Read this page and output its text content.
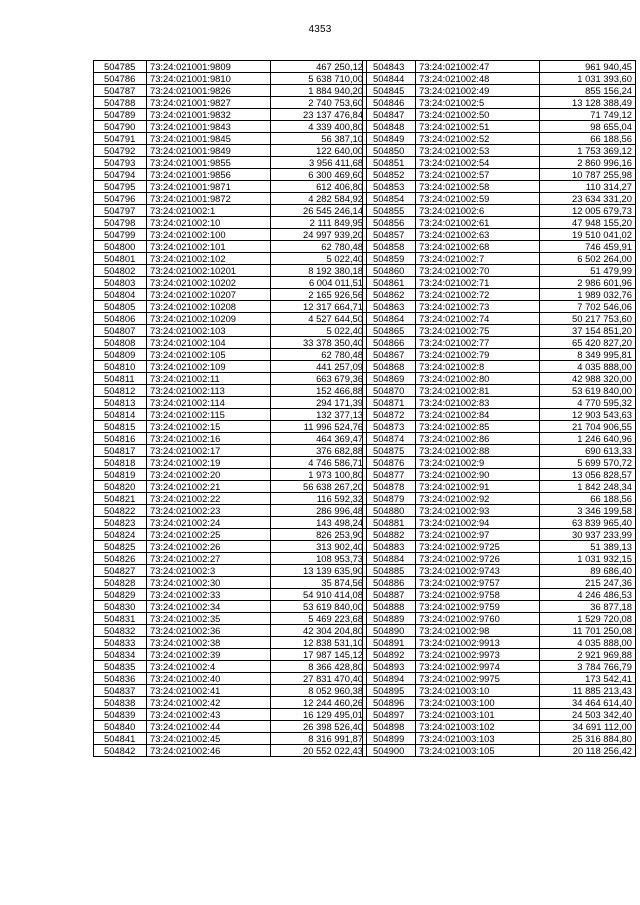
4353
504785	73:24:021001:9809	467 250,12
504786	73:24:021001:9810	5 638 710,00
504787	73:24:021001:9826	1 884 940,20
504788	73:24:021001:9827	2 740 753,60
504789	73:24:021001:9832	23 137 476,84
504790	73:24:021001:9843	4 339 400,80
504791	73:24:021001:9845	56 387,10
504792	73:24:021001:9849	122 640,00
504793	73:24:021001:9855	3 956 411,68
504794	73:24:021001:9856	6 300 469,60
504795	73:24:021001:9871	612 406,80
504796	73:24:021001:9872	4 282 584,92
504797	73:24:021002:1	26 545 246,14
504798	73:24:021002:10	2 111 849,95
504799	73:24:021002:100	24 997 939,20
504800	73:24:021002:101	62 780,48
504801	73:24:021002:102	5 022,40
504802	73:24:021002:10201	8 192 380,18
504803	73:24:021002:10202	6 004 011,51
504804	73:24:021002:10207	2 165 926,56
504805	73:24:021002:10208	12 317 664,71
504806	73:24:021002:10209	4 527 644,50
504807	73:24:021002:103	5 022,40
504808	73:24:021002:104	33 378 350,40
504809	73:24:021002:105	62 780,48
504810	73:24:021002:109	441 257,09
504811	73:24:021002:11	663 679,36
504812	73:24:021002:113	152 466,88
504813	73:24:021002:114	294 171,39
504814	73:24:021002:115	132 377,13
504815	73:24:021002:15	11 996 524,76
504816	73:24:021002:16	464 369,47
504817	73:24:021002:17	376 682,88
504818	73:24:021002:19	4 746 586,71
504819	73:24:021002:20	1 973 100,80
504820	73:24:021002:21	56 638 267,20
504821	73:24:021002:22	116 592,32
504822	73:24:021002:23	286 996,48
504823	73:24:021002:24	143 498,24
504824	73:24:021002:25	826 253,90
504825	73:24:021002:26	313 902,40
504826	73:24:021002:27	108 953,73
504827	73:24:021002:3	13 139 635,90
504828	73:24:021002:30	35 874,56
504829	73:24:021002:33	54 910 414,08
504830	73:24:021002:34	53 619 840,00
504831	73:24:021002:35	5 469 223,68
504832	73:24:021002:36	42 304 204,80
504833	73:24:021002:38	12 838 531,10
504834	73:24:021002:39	17 987 145,12
504835	73:24:021002:4	8 366 428,80
504836	73:24:021002:40	27 831 470,40
504837	73:24:021002:41	8 052 960,38
504838	73:24:021002:42	12 244 460,26
504839	73:24:021002:43	16 129 495,01
504840	73:24:021002:44	26 398 526,40
504841	73:24:021002:45	8 316 991,87
504842	73:24:021002:46	20 552 022,43
504843	73:24:021002:47	961 940,45
504844	73:24:021002:48	1 031 393,60
504845	73:24:021002:49	855 156,24
504846	73:24:021002:5	13 128 388,49
504847	73:24:021002:50	71 749,12
504848	73:24:021002:51	98 655,04
504849	73:24:021002:52	66 188,56
504850	73:24:021002:53	1 753 369,12
504851	73:24:021002:54	2 860 996,16
504852	73:24:021002:57	10 787 255,98
504853	73:24:021002:58	110 314,27
504854	73:24:021002:59	23 634 331,20
504855	73:24:021002:6	12 005 679,73
504856	73:24:021002:61	47 948 155,20
504857	73:24:021002:63	19 510 041,02
504858	73:24:021002:68	746 459,91
504859	73:24:021002:7	6 502 264,00
504860	73:24:021002:70	51 479,99
504861	73:24:021002:71	2 986 601,96
504862	73:24:021002:72	1 989 032,76
504863	73:24:021002:73	7 702 546,06
504864	73:24:021002:74	50 217 753,60
504865	73:24:021002:75	37 154 851,20
504866	73:24:021002:77	65 420 827,20
504867	73:24:021002:79	8 349 995,81
504868	73:24:021002:8	4 035 888,00
504869	73:24:021002:80	42 988 320,00
504870	73:24:021002:81	53 619 840,00
504871	73:24:021002:83	4 770 595,32
504872	73:24:021002:84	12 903 543,63
504873	73:24:021002:85	21 704 906,55
504874	73:24:021002:86	1 246 640,96
504875	73:24:021002:88	690 613,33
504876	73:24:021002:9	5 699 570,72
504877	73:24:021002:90	13 056 828,57
504878	73:24:021002:91	1 842 248,34
504879	73:24:021002:92	66 188,56
504880	73:24:021002:93	3 346 199,58
504881	73:24:021002:94	63 839 965,40
504882	73:24:021002:97	30 937 233,99
504883	73:24:021002:9725	51 389,13
504884	73:24:021002:9726	1 031 932,15
504885	73:24:021002:9743	89 686,40
504886	73:24:021002:9757	215 247,36
504887	73:24:021002:9758	4 246 486,53
504888	73:24:021002:9759	36 877,18
504889	73:24:021002:9760	1 529 720,08
504890	73:24:021002:98	11 701 250,08
504891	73:24:021002:9913	4 035 888,00
504892	73:24:021002:9973	2 921 969,88
504893	73:24:021002:9974	3 784 766,79
504894	73:24:021002:9975	173 542,41
504895	73:24:021003:10	11 885 213,43
504896	73:24:021003:100	34 464 614,40
504897	73:24:021003:101	24 503 342,40
504898	73:24:021003:102	34 691 112,00
504899	73:24:021003:103	25 316 884,80
504900	73:24:021003:105	20 118 256,42
